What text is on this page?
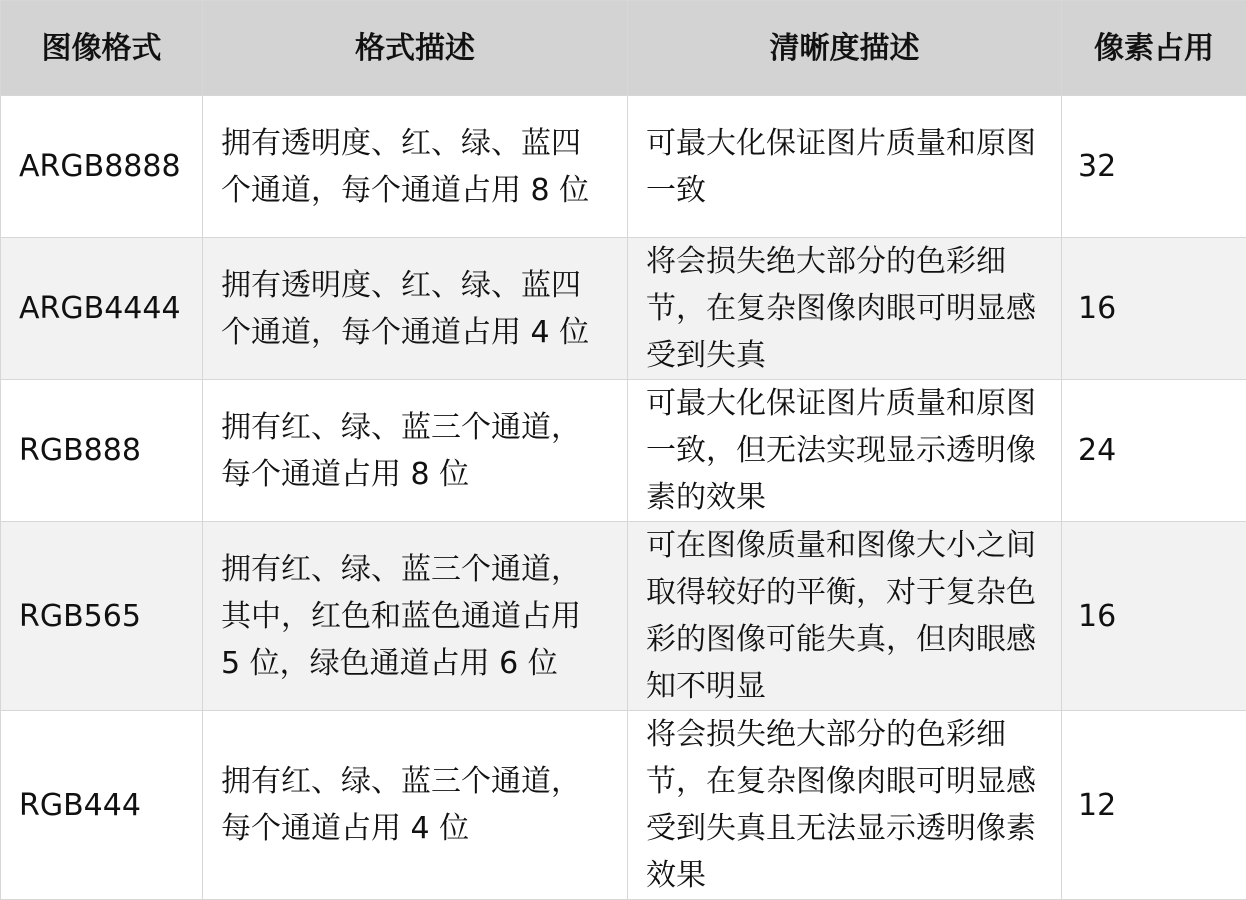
图像格式	格式描述	清晰度描述	像素占用
ARGB8888	拥有透明度、红、绿、蓝四个通道，每个通道占用 8 位	可最大化保证图片质量和原图一致	32
ARGB4444	拥有透明度、红、绿、蓝四个通道，每个通道占用 4 位	将会损失绝大部分的色彩细节，在复杂图像肉眼可明显感受到失真	16
RGB888	拥有红、绿、蓝三个通道，每个通道占用 8 位	可最大化保证图片质量和原图一致，但无法实现显示透明像素的效果	24
RGB565	拥有红、绿、蓝三个通道，其中，红色和蓝色通道占用 5 位，绿色通道占用 6 位	可在图像质量和图像大小之间取得较好的平衡，对于复杂色彩的图像可能失真，但肉眼感知不明显	16
RGB444	拥有红、绿、蓝三个通道，每个通道占用 4 位	将会损失绝大部分的色彩细节，在复杂图像肉眼可明显感受到失真且无法显示透明像素效果	12
